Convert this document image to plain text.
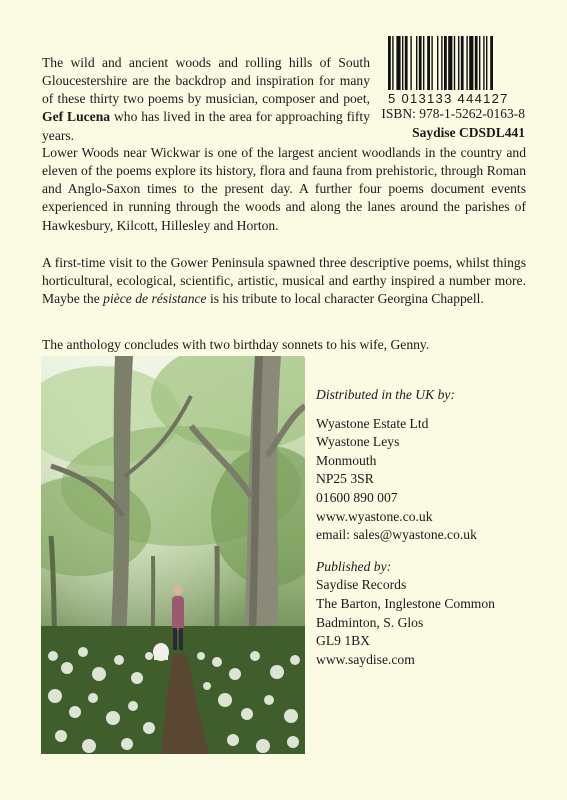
The wild and ancient woods and rolling hills of South Gloucestershire are the backdrop and inspiration for many of these thirty two poems by musician, composer and poet, Gef Lucena who has lived in the area for approaching fifty years.

5 013133 444127
ISBN: 978-1-5262-0163-8
Saydise CDSDL441

Lower Woods near Wickwar is one of the largest ancient woodlands in the country and eleven of the poems explore its history, flora and fauna from prehistoric, through Roman and Anglo-Saxon times to the present day. A further four poems document events experienced in running through the woods and along the lanes around the parishes of Hawkesbury, Kilcott, Hillesley and Horton.

A first-time visit to the Gower Peninsula spawned three descriptive poems, whilst things horticultural, ecological, scientific, artistic, musical and earthy inspired a number more. Maybe the pièce de résistance is his tribute to local character Georgina Chappell.

The anthology concludes with two birthday sonnets to his wife, Genny.

Distributed in the UK by:
Wyastone Estate Ltd
Wyastone Leys
Monmouth
NP25 3SR
01600 890 007
www.wyastone.co.uk
email: sales@wyastone.co.uk
Published by:
Saydise Records
The Barton, Inglestone Common
Badminton, S. Glos
GL9 1BX
www.saydise.com
